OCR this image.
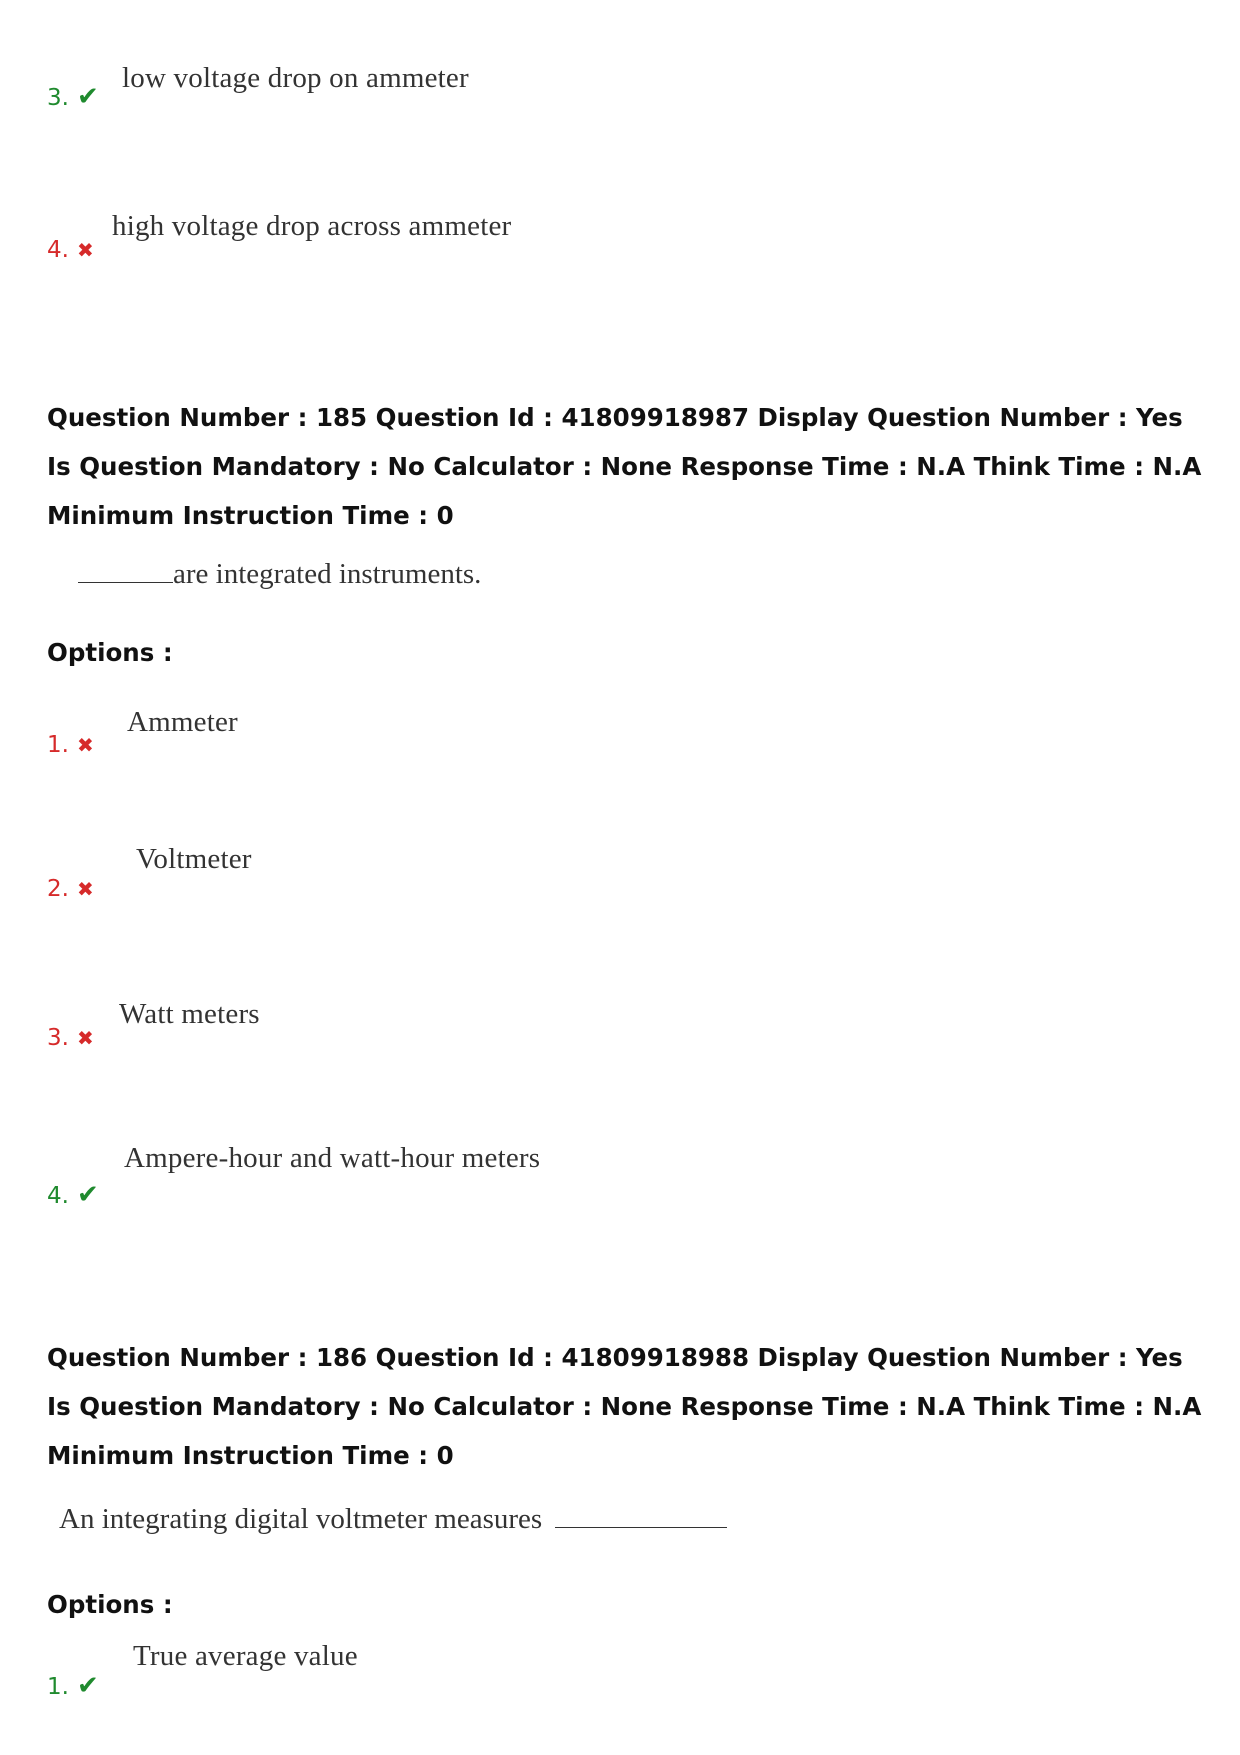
3. ✔
low voltage drop on ammeter
4. ✖
high voltage drop across ammeter
Question Number : 185 Question Id : 41809918987 Display Question Number : Yes Is Question Mandatory : No Calculator : None Response Time : N.A Think Time : N.A Minimum Instruction Time : 0
are integrated instruments.
Options :
1. ✖
Ammeter
2. ✖
Voltmeter
3. ✖
Watt meters
4. ✔
Ampere-hour and watt-hour meters
Question Number : 186 Question Id : 41809918988 Display Question Number : Yes Is Question Mandatory : No Calculator : None Response Time : N.A Think Time : N.A Minimum Instruction Time : 0
An integrating digital voltmeter measures
Options :
1. ✔
True average value
